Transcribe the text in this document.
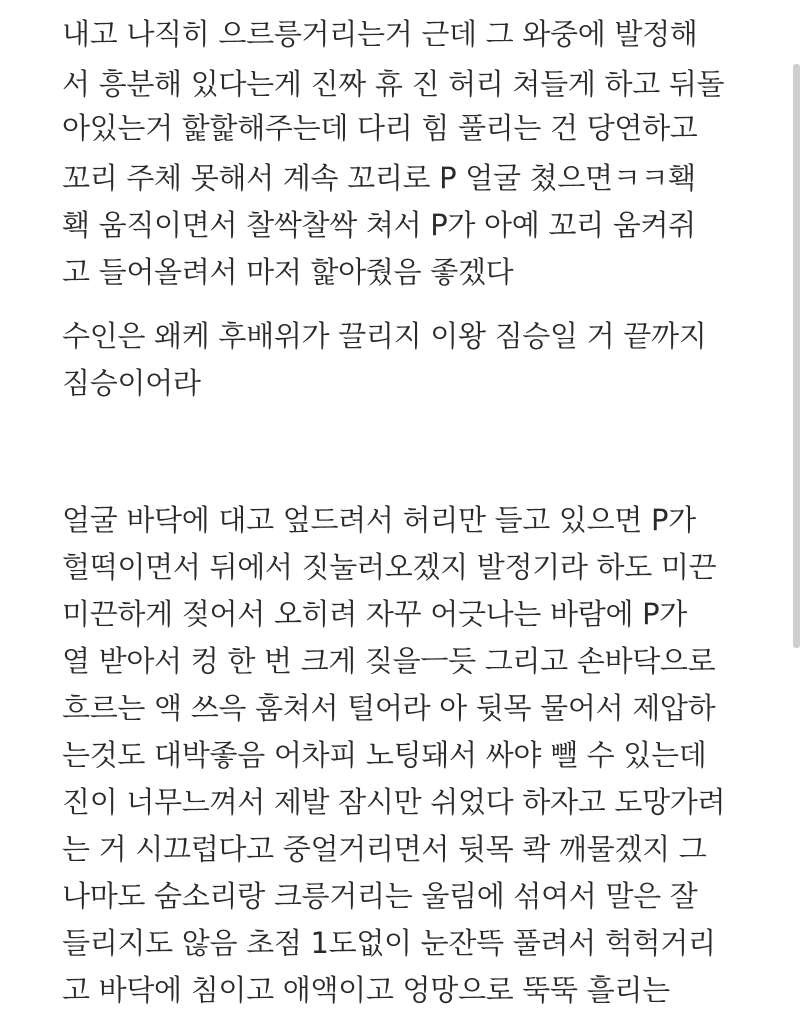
내고 나직히 으르릉거리는거 근데 그 와중에 발정해
서 흥분해 있다는게 진짜 휴 진 허리 쳐들게 하고 뒤돌
아있는거 핥핥해주는데 다리 힘 풀리는 건 당연하고
꼬리 주체 못해서 계속 꼬리로 P 얼굴 쳤으면ㅋㅋ홱
홱 움직이면서 찰싹찰싹 쳐서 P가 아예 꼬리 움켜쥐
고 들어올려서 마저 핥아줬음 좋겠다
수인은 왜케 후배위가 끌리지 이왕 짐승일 거 끝까지
짐승이어라
얼굴 바닥에 대고 엎드려서 허리만 들고 있으면 P가
헐떡이면서 뒤에서 짓눌러오겠지 발정기라 하도 미끈
미끈하게 젖어서 오히려 자꾸 어긋나는 바람에 P가
열 받아서 컹 한 번 크게 짖을ㅡ듯 그리고 손바닥으로
흐르는 액 쓰윽 훔쳐서 털어라 아 뒷목 물어서 제압하
는것도 대박좋음 어차피 노팅돼서 싸야 뺄 수 있는데
진이 너무느껴서 제발 잠시만 쉬었다 하자고 도망가려
는 거 시끄럽다고 중얼거리면서 뒷목 콱 깨물겠지 그
나마도 숨소리랑 크릉거리는 울림에 섞여서 말은 잘
들리지도 않음 초점 1도없이 눈잔뜩 풀려서 헉헉거리
고 바닥에 침이고 애액이고 엉망으로 뚝뚝 흘리는
